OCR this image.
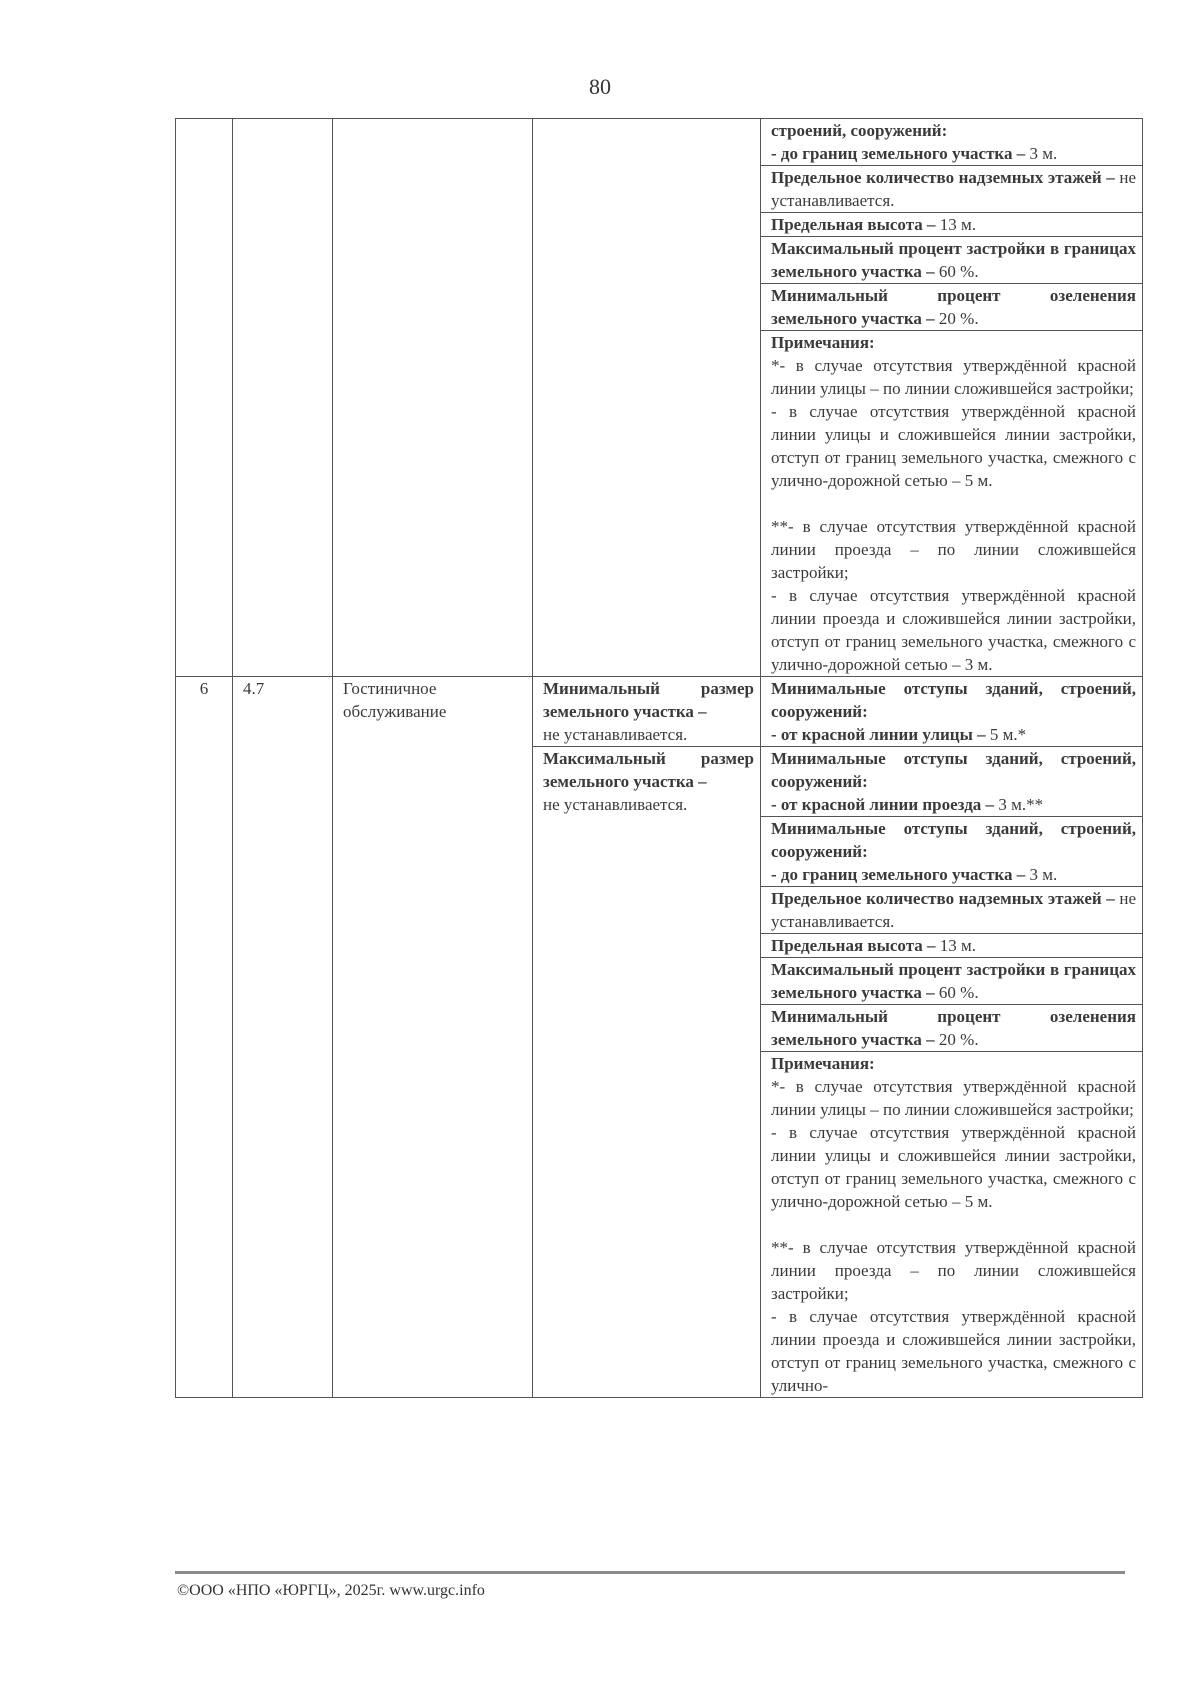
80
				строений, сооружений:
- до границ земельного участка – 3 м.
				Предельное количество надземных этажей – не устанавливается.
				Предельная высота – 13 м.
				Максимальный процент застройки в границах земельного участка – 60 %.
				Минимальный процент озеленения земельного участка – 20 %.

				Примечания:
*- в случае отсутствия утверждённой красной линии улицы – по линии сложившейся застройки;
- в случае отсутствия утверждённой красной линии улицы и сложившейся линии застройки, отступ от границ земельного участка, смежного с улично-дорожной сетью – 5 м.
**- в случае отсутствия утверждённой красной линии проезда – по линии сложившейся застройки;
- в случае отсутствия утверждённой красной линии проезда и сложившейся линии застройки, отступ от границ земельного участка, смежного с улично-дорожной сетью – 3 м.

6	4.7	Гостиничное обслуживание	Минимальный размер земельного участка –
не устанавливается.	Минимальные отступы зданий, строений, сооружений:
- от красной линии улицы – 5 м.*
			Максимальный размер земельного участка –
не устанавливается.	Минимальные отступы зданий, строений, сооружений:
- от красной линии проезда – 3 м.**
				Минимальные отступы зданий, строений, сооружений:
- до границ земельного участка – 3 м.
				Предельное количество надземных этажей – не устанавливается.
				Предельная высота – 13 м.
				Максимальный процент застройки в границах земельного участка – 60 %.
				Минимальный процент озеленения земельного участка – 20 %.

				Примечания:
*- в случае отсутствия утверждённой красной линии улицы – по линии сложившейся застройки;
- в случае отсутствия утверждённой красной линии улицы и сложившейся линии застройки, отступ от границ земельного участка, смежного с улично-дорожной сетью – 5 м.
**- в случае отсутствия утверждённой красной линии проезда – по линии сложившейся застройки;
- в случае отсутствия утверждённой красной линии проезда и сложившейся линии застройки, отступ от границ земельного участка, смежного с улично-
©ООО «НПО «ЮРГЦ», 2025г. www.urgc.info
